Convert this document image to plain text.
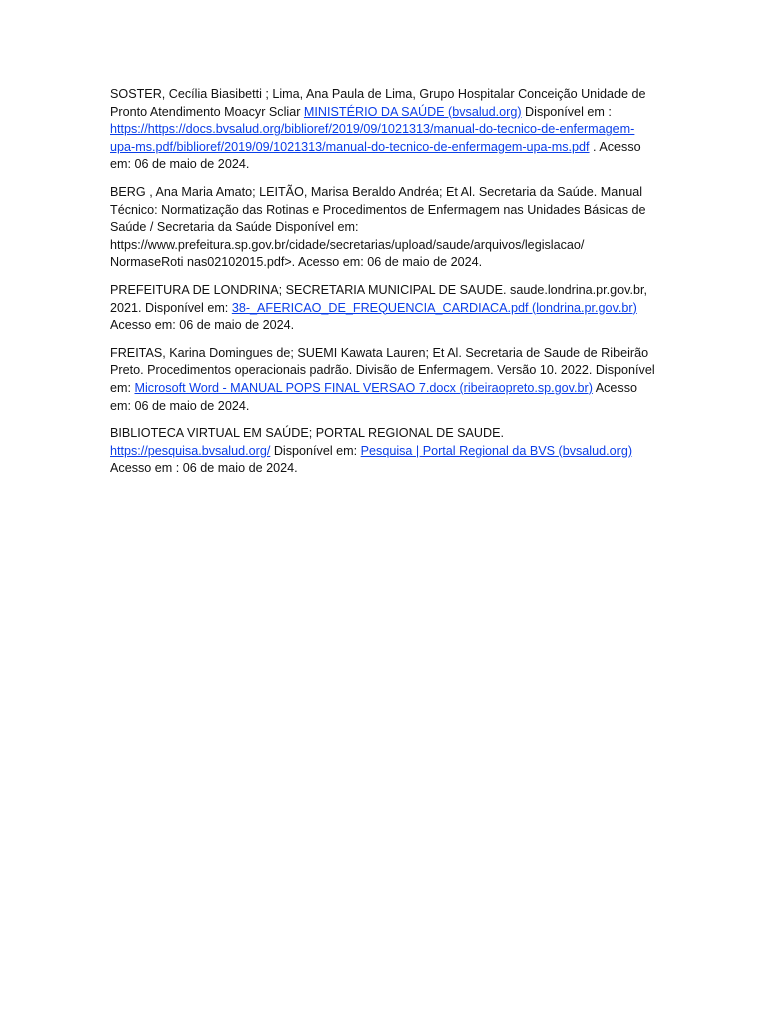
SOSTER, Cecília Biasibetti ; Lima, Ana Paula de Lima, Grupo Hospitalar Conceição Unidade de Pronto Atendimento Moacyr Scliar MINISTÉRIO DA SAÚDE (bvsalud.org) Disponível em : https://https://docs.bvsalud.org/biblioref/2019/09/1021313/manual-do-tecnico-de-enfermagem-upa-ms.pdf/biblioref/2019/09/1021313/manual-do-tecnico-de-enfermagem-upa-ms.pdf . Acesso em: 06 de maio de 2024.

BERG , Ana Maria Amato; LEITÃO, Marisa Beraldo Andréa; Et Al. Secretaria da Saúde. Manual Técnico: Normatização das Rotinas e Procedimentos de Enfermagem nas Unidades Básicas de Saúde / Secretaria da Saúde Disponível em: https://www.prefeitura.sp.gov.br/cidade/secretarias/upload/saude/arquivos/legislacao/ NormaseRoti nas02102015.pdf>. Acesso em: 06 de maio de 2024.

PREFEITURA DE LONDRINA; SECRETARIA MUNICIPAL DE SAUDE. saude.londrina.pr.gov.br, 2021. Disponível em: 38-_AFERICAO_DE_FREQUENCIA_CARDIACA.pdf (londrina.pr.gov.br) Acesso em: 06 de maio de 2024.

FREITAS, Karina Domingues de; SUEMI Kawata Lauren; Et Al. Secretaria de Saude de Ribeirão Preto. Procedimentos operacionais padrão. Divisão de Enfermagem. Versão 10. 2022. Disponível em: Microsoft Word - MANUAL POPS FINAL VERSAO 7.docx (ribeiraopreto.sp.gov.br) Acesso em: 06 de maio de 2024.

BIBLIOTECA VIRTUAL EM SAÚDE; PORTAL REGIONAL DE SAUDE. https://pesquisa.bvsalud.org/ Disponível em: Pesquisa | Portal Regional da BVS (bvsalud.org) Acesso em : 06 de maio de 2024.
